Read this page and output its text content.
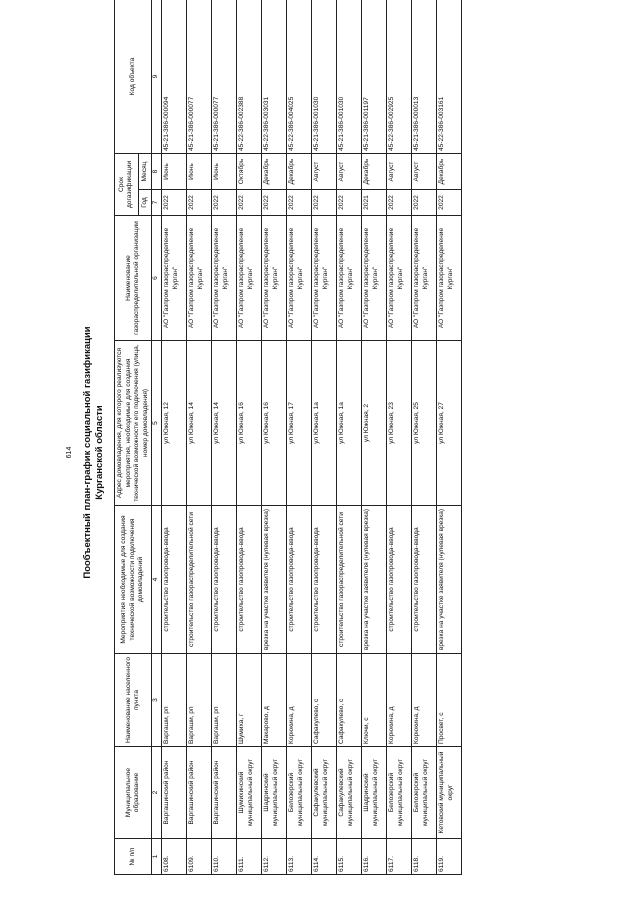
614 Пообъектный план-график социальной газификации Курганской области
№ п/п	Муниципальное образование	Наименование населенного пункта	Мероприятия необходимые для создания технической возможности подключения домовладений	Адрес домовладения, для которого реализуются мероприятия, необходимые для создания технической возможности его подключения (улица, номер домовладения)	Наименование газораспределительной организации	Срок догазификации		Код объекта
						Год	Месяц	
1	2	3	4	5	6	7	8	9
6108.	Варгашинский район	Варгаши, рп	строительство газопровода-ввода	ул Южная, 12	АО "Газпром газораспределение Курган"	2022	Июнь	45-21-386-000094
6109.	Варгашинский район	Варгаши, рп	строительство газораспределительной сети	ул Южная, 14	АО "Газпром газораспределение Курган"	2022	Июнь	45-21-386-000077
6110.	Варгашинский район	Варгаши, рп	строительство газопровода-ввода	ул Южная, 14	АО "Газпром газораспределение Курган"	2022	Июнь	45-21-386-000077
6111.	Шумихинский муниципальный округ	Шумиха, г	строительство газопровода-ввода	ул Южная, 16	АО "Газпром газораспределение Курган"	2022	Октябрь	45-22-386-002388
6112.	Шадринский муниципальный округ	Макарово, д	врезка на участке заявителя (нулевая врезка)	ул Южная, 16	АО "Газпром газораспределение Курган"	2022	Декабрь	45-22-386-003031
6113.	Белозерский муниципальный округ	Корюкина, д	строительство газопровода-ввода	ул Южная, 17	АО "Газпром газораспределение Курган"	2022	Декабрь	45-22-386-004025
6114.	Сафакулевский муниципальный округ	Сафакулево, с	строительство газопровода-ввода	ул Южная, 1а	АО "Газпром газораспределение Курган"	2022	Август	45-21-386-001030
6115.	Сафакулевский муниципальный округ	Сафакулево, с	строительство газораспределительной сети	ул Южная, 1а	АО "Газпром газораспределение Курган"	2022	Август	45-21-386-001030
6116.	Шадринский муниципальный округ	Ключи, с	врезка на участке заявителя (нулевая врезка)	ул Южная, 2	АО "Газпром газораспределение Курган"	2021	Декабрь	45-21-386-001197
6117.	Белозерский муниципальный округ	Корюкина, д	строительство газопровода-ввода	ул Южная, 23	АО "Газпром газораспределение Курган"	2022	Август	45-22-386-002925
6118.	Белозерский муниципальный округ	Корюкина, д	строительство газопровода-ввода	ул Южная, 25	АО "Газпром газораспределение Курган"	2022	Август	45-21-386-000013
6119.	Кетовский муниципальный округ	Просвет, с	врезка на участке заявителя (нулевая врезка)	ул Южная, 27	АО "Газпром газораспределение Курган"	2022	Декабрь	45-22-386-003161
